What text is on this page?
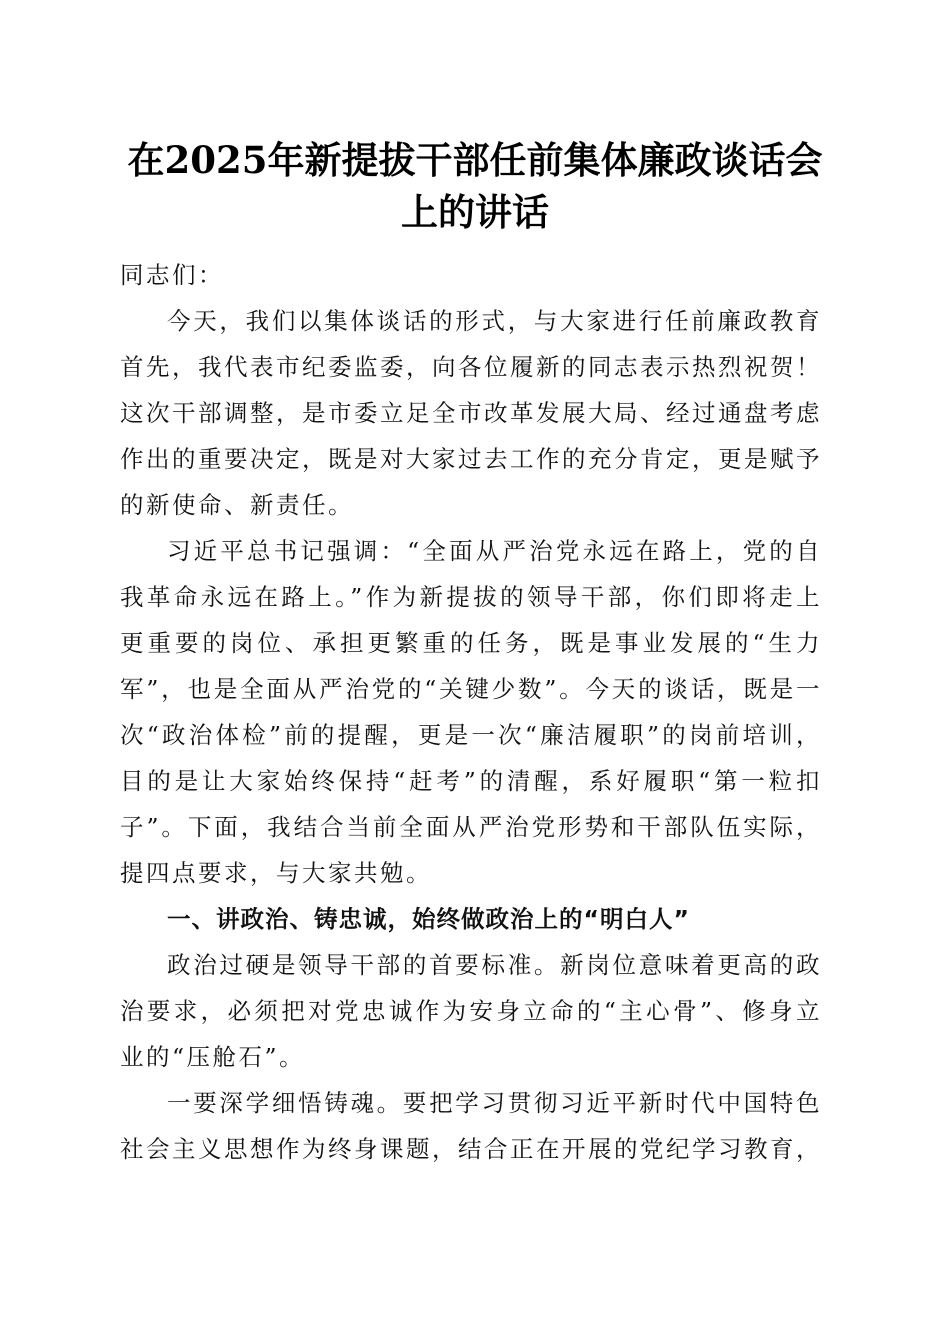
在2025年新提拔干部任前集体廉政谈话会上的讲话

同志们：

今天，我们以集体谈话的形式，与大家进行任前廉政教育首先，我代表市纪委监委，向各位履新的同志表示热烈祝贺！这次干部调整，是市委立足全市改革发展大局、经过通盘考虑作出的重要决定，既是对大家过去工作的充分肯定，更是赋予的新使命、新责任。

习近平总书记强调：“全面从严治党永远在路上，党的自我革命永远在路上。”作为新提拔的领导干部，你们即将走上更重要的岗位、承担更繁重的任务，既是事业发展的“生力军”，也是全面从严治党的“关键少数”。今天的谈话，既是一次“政治体检”前的提醒，更是一次“廉洁履职”的岗前培训，目的是让大家始终保持“赶考”的清醒，系好履职“第一粒扣子”。下面，我结合当前全面从严治党形势和干部队伍实际，提四点要求，与大家共勉。

一、讲政治、铸忠诚，始终做政治上的“明白人”

政治过硬是领导干部的首要标准。新岗位意味着更高的政治要求，必须把对党忠诚作为安身立命的“主心骨”、修身立业的“压舱石”。

一要深学细悟铸魂。要把学习贯彻习近平新时代中国特色社会主义思想作为终身课题，结合正在开展的党纪学习教育，
